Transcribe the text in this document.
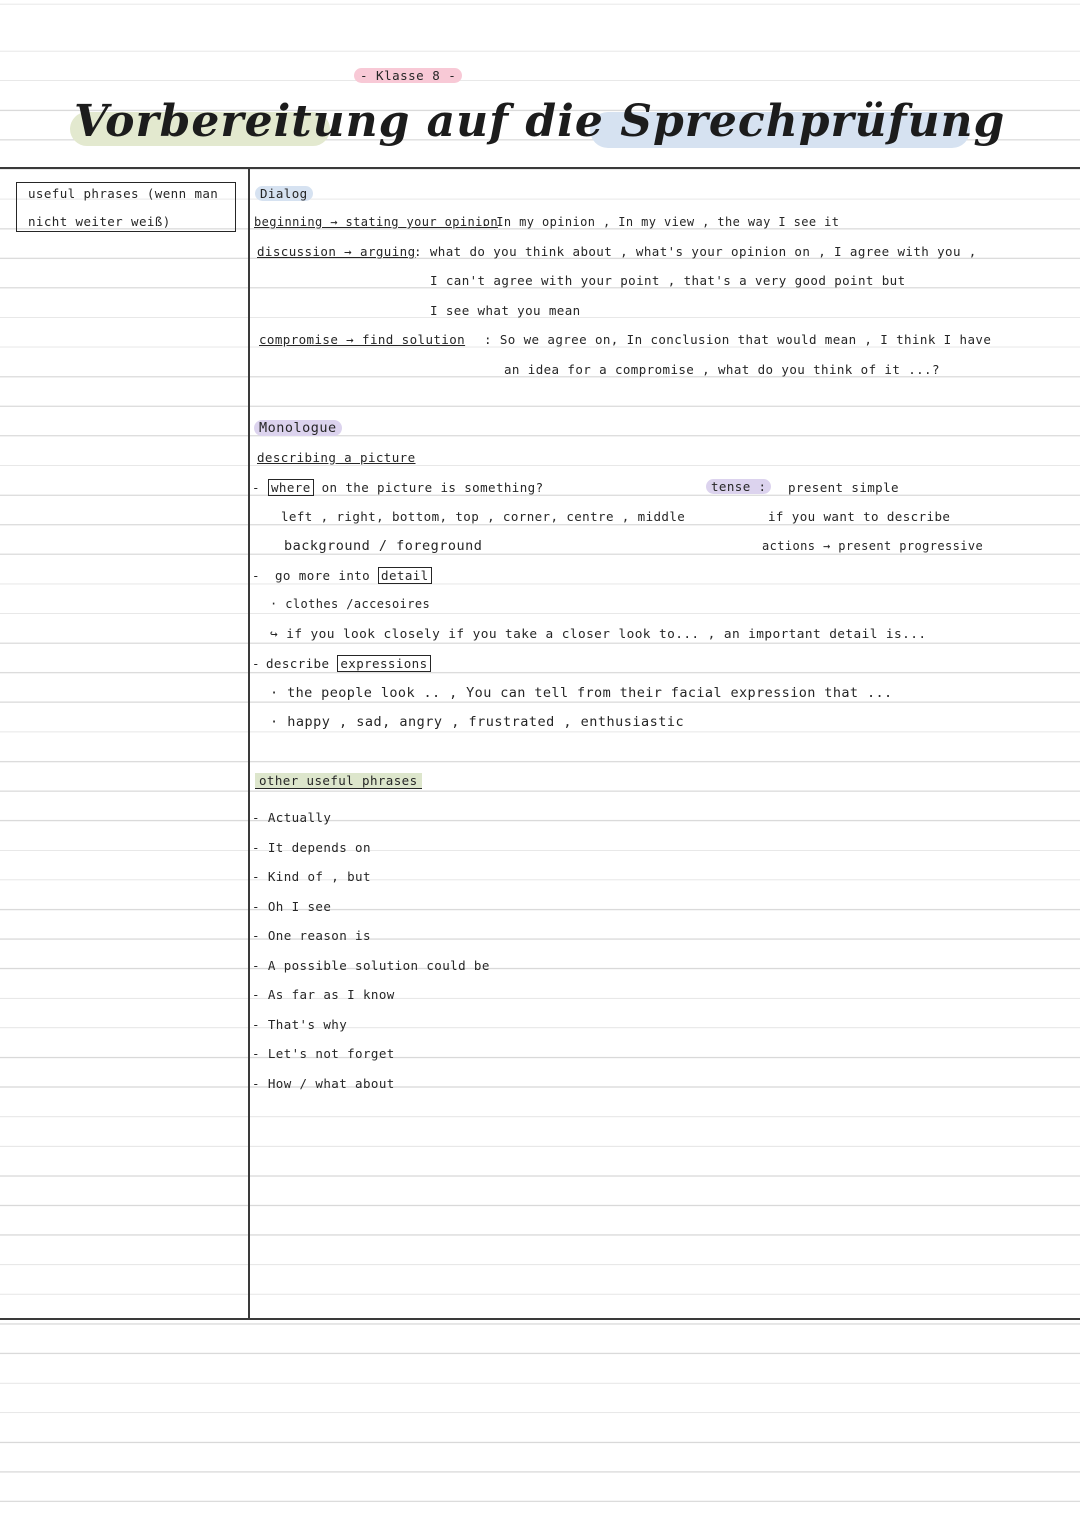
- Klasse 8 -
Vorbereitung auf die Sprechprüfung
useful phrases (wenn man
nicht weiter weiß)
Dialog
beginning → stating your opinion
: In my opinion , In my view , the way I see it
discussion → arguing
: what do you think about , what's your opinion on , I agree with you ,
I can't agree with your point , that's a very good point but
I see what you mean
compromise → find solution : So we agree on, In conclusion that would mean , I think I have
an idea for a compromise , what do you think of it ...?
Monologue
describing a picture
- where on the picture is something?
left , right, bottom, top , corner, centre , middle
background / foreground
tense :	present simple
if you want to describe
actions → present progressive
- go more into detail
· clothes /accesoires
↪ if you look closely if you take a closer look to... , an important detail is...
- describe expressions
· the people look .. , You can tell from their facial expression that ...
· happy , sad, angry , frustrated , enthusiastic
other useful phrases
- Actually
- It depends on
- Kind of , but
- Oh I see
- One reason is
- A possible solution could be
- As far as I know
- That's why
- Let's not forget
- How / what about
